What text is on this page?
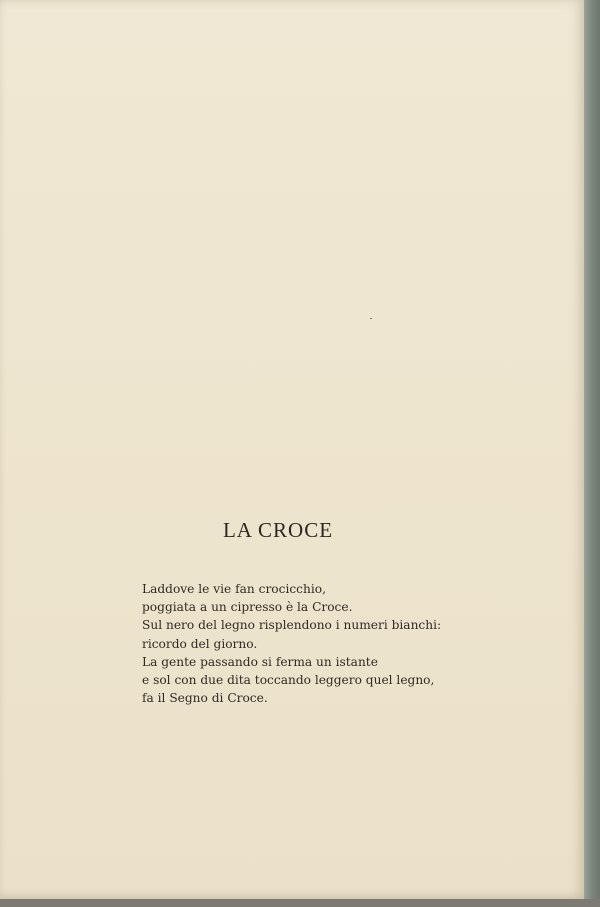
LA CROCE
Laddove le vie fan crocicchio,
poggiata a un cipresso è la Croce.
Sul nero del legno risplendono i numeri bianchi:
ricordo del giorno.
La gente passando si ferma un istante
e sol con due dita toccando leggero quel legno,
fa il Segno di Croce.
